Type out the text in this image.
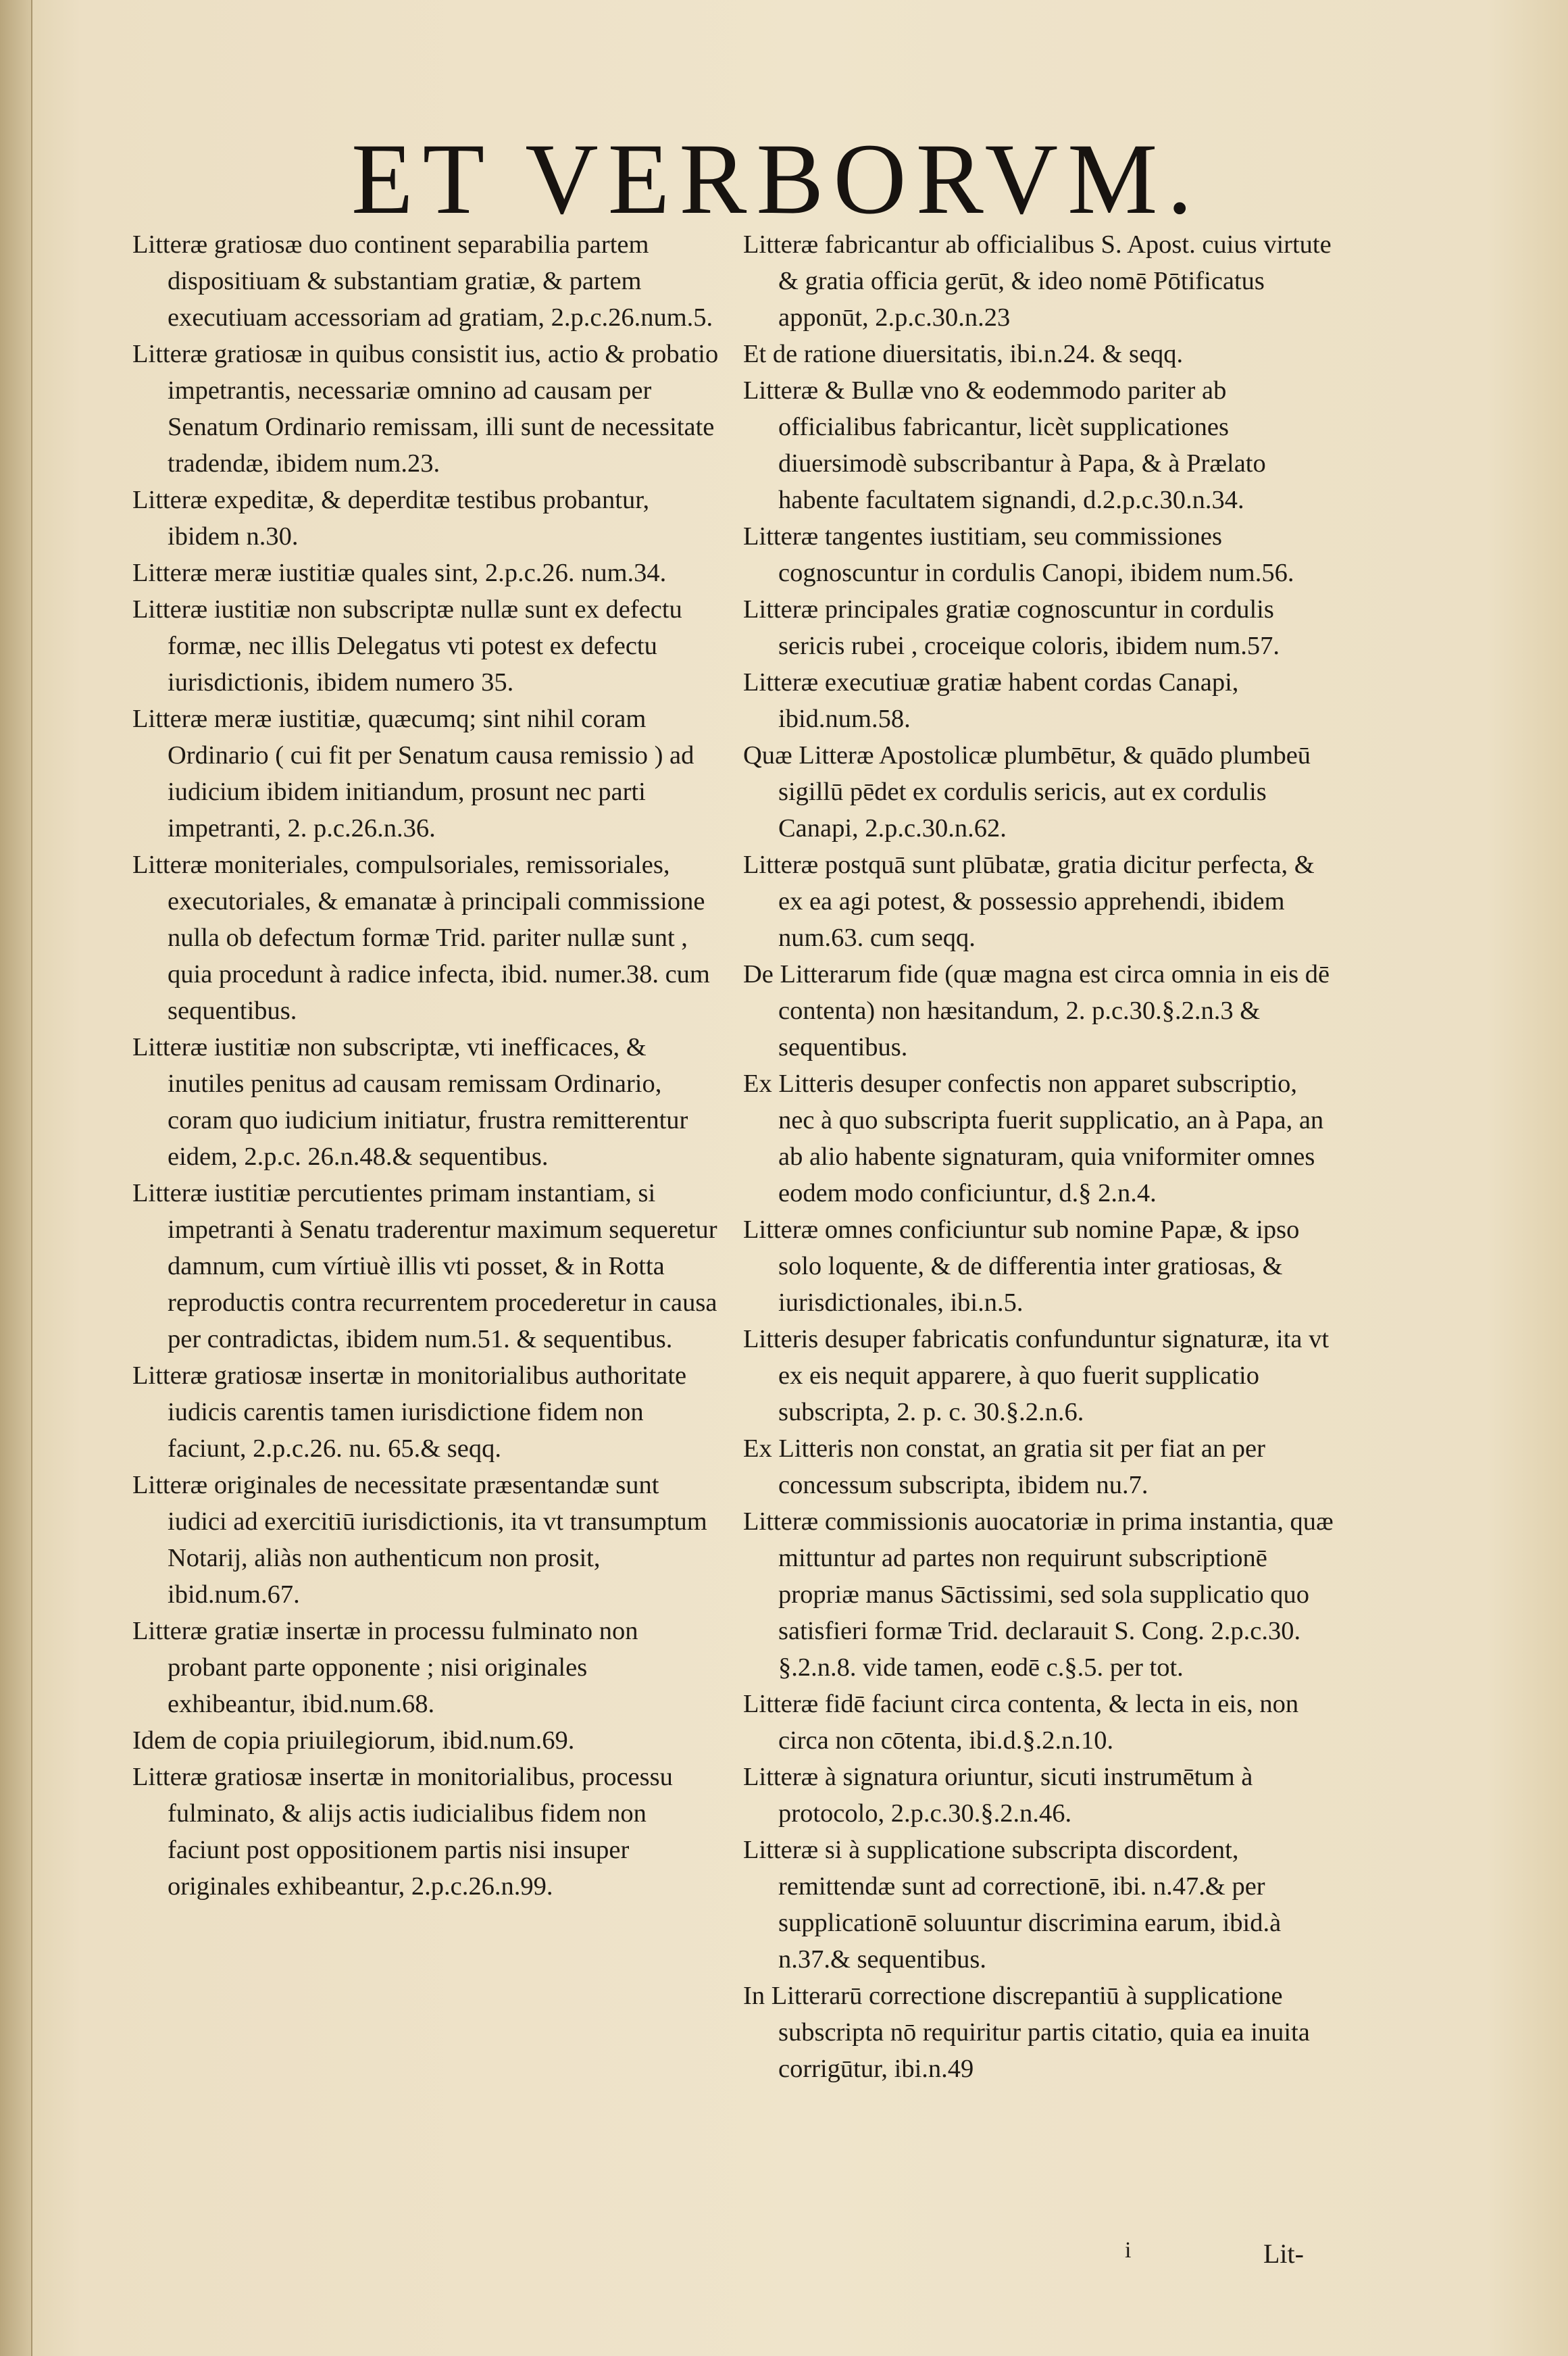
ET VERBORVM.

Litteræ gratiosæ duo continent separabilia partem dispositiuam & substantiam gratiæ, & partem executiuam accessoriam ad gratiam, 2.p.c.26.num.5.

Litteræ gratiosæ in quibus consistit ius, actio & probatio impetrantis, necessariæ omnino ad causam per Senatum Ordinario remissam, illi sunt de necessitate tradendæ, ibidem num.23.

Litteræ expeditæ, & deperditæ testibus probantur, ibidem n.30.

Litteræ meræ iustitiæ quales sint, 2.p.c.26. num.34.

Litteræ iustitiæ non subscriptæ nullæ sunt ex defectu formæ, nec illis Delegatus vti potest ex defectu iurisdictionis, ibidem numero 35.

Litteræ meræ iustitiæ, quæcumq; sint nihil coram Ordinario ( cui fit per Senatum causa remissio ) ad iudicium ibidem initiandum, prosunt nec parti impetranti, 2. p.c.26.n.36.

Litteræ moniteriales, compulsoriales, remissoriales, executoriales, & emanatæ à principali commissione nulla ob defectum formæ Trid. pariter nullæ sunt , quia procedunt à radice infecta, ibid. numer.38. cum sequentibus.

Litteræ iustitiæ non subscriptæ, vti inefficaces, & inutiles penitus ad causam remissam Ordinario, coram quo iudicium initiatur, frustra remitterentur eidem, 2.p.c. 26.n.48.& sequentibus.

Litteræ iustitiæ percutientes primam instantiam, si impetranti à Senatu traderentur maximum sequeretur damnum, cum vírtiuè illis vti posset, & in Rotta reproductis contra recurrentem procederetur in causa per contradictas, ibidem num.51. & sequentibus.

Litteræ gratiosæ insertæ in monitorialibus authoritate iudicis carentis tamen iurisdictione fidem non faciunt, 2.p.c.26. nu. 65.& seqq.

Litteræ originales de necessitate præsentandæ sunt iudici ad exercitiū iurisdictionis, ita vt transumptum Notarij, aliàs non authenticum non prosit, ibid.num.67.

Litteræ gratiæ insertæ in processu fulminato non probant parte opponente ; nisi originales exhibeantur, ibid.num.68.

Idem de copia priuilegiorum, ibid.num.69.

Litteræ gratiosæ insertæ in monitorialibus, processu fulminato, & alijs actis iudicialibus fidem non faciunt post oppositionem partis nisi insuper originales exhibeantur, 2.p.c.26.n.99.

Litteræ fabricantur ab officialibus S. Apost. cuius virtute & gratia officia gerūt, & ideo nomē Pōtificatus apponūt, 2.p.c.30.n.23

Et de ratione diuersitatis, ibi.n.24. & seqq.

Litteræ & Bullæ vno & eodemmodo pariter ab officialibus fabricantur, licèt supplicationes diuersimodè subscribantur à Papa, & à Prælato habente facultatem signandi, d.2.p.c.30.n.34.

Litteræ tangentes iustitiam, seu commissiones cognoscuntur in cordulis Canopi, ibidem num.56.

Litteræ principales gratiæ cognoscuntur in cordulis sericis rubei , croceique coloris, ibidem num.57.

Litteræ executiuæ gratiæ habent cordas Canapi, ibid.num.58.

Quæ Litteræ Apostolicæ plumbētur, & quādo plumbeū sigillū pēdet ex cordulis sericis, aut ex cordulis Canapi, 2.p.c.30.n.62.

Litteræ postquā sunt plūbatæ, gratia dicitur perfecta, & ex ea agi potest, & possessio apprehendi, ibidem num.63. cum seqq.

De Litterarum fide (quæ magna est circa omnia in eis dē contenta) non hæsitandum, 2. p.c.30.§.2.n.3 & sequentibus.

Ex Litteris desuper confectis non apparet subscriptio, nec à quo subscripta fuerit supplicatio, an à Papa, an ab alio habente signaturam, quia vniformiter omnes eodem modo conficiuntur, d.§ 2.n.4.

Litteræ omnes conficiuntur sub nomine Papæ, & ipso solo loquente, & de differentia inter gratiosas, & iurisdictionales, ibi.n.5.

Litteris desuper fabricatis confunduntur signaturæ, ita vt ex eis nequit apparere, à quo fuerit supplicatio subscripta, 2. p. c. 30.§.2.n.6.

Ex Litteris non constat, an gratia sit per fiat an per concessum subscripta, ibidem nu.7.

Litteræ commissionis auocatoriæ in prima instantia, quæ mittuntur ad partes non requirunt subscriptionē propriæ manus Sāctissimi, sed sola supplicatio quo satisfieri formæ Trid. declarauit S. Cong. 2.p.c.30. §.2.n.8. vide tamen, eodē c.§.5. per tot.

Litteræ fidē faciunt circa contenta, & lecta in eis, non circa non cōtenta, ibi.d.§.2.n.10.

Litteræ à signatura oriuntur, sicuti instrumētum à protocolo, 2.p.c.30.§.2.n.46.

Litteræ si à supplicatione subscripta discordent, remittendæ sunt ad correctionē, ibi. n.47.& per supplicationē soluuntur discrimina earum, ibid.à n.37.& sequentibus.

In Litterarū correctione discrepantiū à supplicatione subscripta nō requiritur partis citatio, quia ea inuita corrigūtur, ibi.n.49

i	Lit-
